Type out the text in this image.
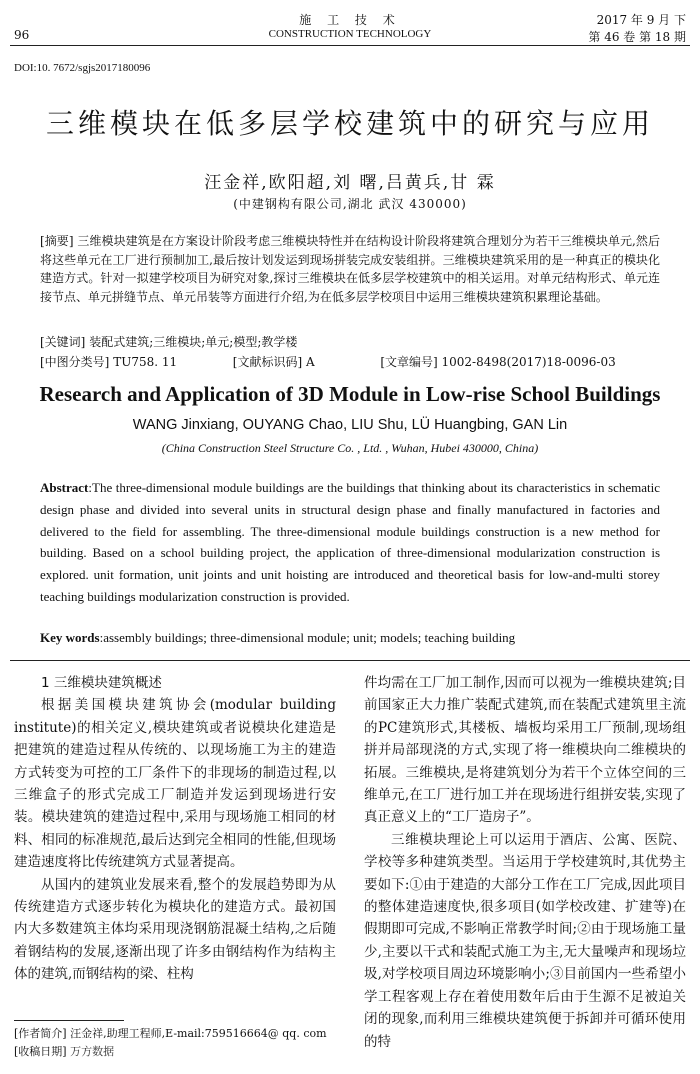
96
施 工 技 术
CONSTRUCTION TECHNOLOGY
2017 年 9 月 下
第 46 卷 第 18 期
DOI:10. 7672/sgjs2017180096
三维模块在低多层学校建筑中的研究与应用
汪金祥,欧阳超,刘 曙,吕黄兵,甘 霖
(中建钢构有限公司,湖北 武汉 430000)
[摘要] 三维模块建筑是在方案设计阶段考虑三维模块特性并在结构设计阶段将建筑合理划分为若干三维模块单元,然后将这些单元在工厂进行预制加工,最后按计划发运到现场拼装完成安装组拼。三维模块建筑采用的是一种真正的模块化建造方式。针对一拟建学校项目为研究对象,探讨三维模块在低多层学校建筑中的相关运用。对单元结构形式、单元连接节点、单元拼缝节点、单元吊装等方面进行介绍,为在低多层学校项目中运用三维模块建筑积累理论基础。
[关键词] 装配式建筑;三维模块;单元;模型;教学楼
[中图分类号] TU758. 11	[文献标识码] A	[文章编号] 1002-8498(2017)18-0096-03
Research and Application of 3D Module in Low-rise School Buildings
WANG Jinxiang, OUYANG Chao, LIU Shu, LÜ Huangbing, GAN Lin
(China Construction Steel Structure Co. , Ltd. , Wuhan, Hubei 430000, China)
Abstract:The three-dimensional module buildings are the buildings that thinking about its characteristics in schematic design phase and divided into several units in structural design phase and finally manufactured in factories and delivered to the field for assembling. The three-dimensional module buildings construction is a new method for building. Based on a school building project, the application of three-dimensional modularization construction is explored. unit formation, unit joints and unit hoisting are introduced and theoretical basis for low-and-multi storey teaching buildings modularization construction is provided.
Key words:assembly buildings; three-dimensional module; unit; models; teaching building

1 三维模块建筑概述

根据美国模块建筑协会(modular building institute)的相关定义,模块建筑或者说模块化建造是把建筑的建造过程从传统的、以现场施工为主的建造方式转变为可控的工厂条件下的非现场的制造过程,以三维盒子的形式完成工厂制造并发运到现场进行安装。模块建筑的建造过程中,采用与现场施工相同的材料、相同的标准规范,最后达到完全相同的性能,但现场建造速度将比传统建筑方式显著提高。

从国内的建筑业发展来看,整个的发展趋势即为从传统建造方式逐步转化为模块化的建造方式。最初国内大多数建筑主体均采用现浇钢筋混凝土结构,之后随着钢结构的发展,逐渐出现了许多由钢结构作为结构主体的建筑,而钢结构的梁、柱构

件均需在工厂加工制作,因而可以视为一维模块建筑;目前国家正大力推广装配式建筑,而在装配式建筑里主流的PC建筑形式,其楼板、墙板均采用工厂预制,现场组拼并局部现浇的方式,实现了将一维模块向二维模块的拓展。三维模块,是将建筑划分为若干个立体空间的三维单元,在工厂进行加工并在现场进行组拼安装,实现了真正意义上的“工厂造房子”。

三维模块理论上可以运用于酒店、公寓、医院、学校等多种建筑类型。当运用于学校建筑时,其优势主要如下:①由于建造的大部分工作在工厂完成,因此项目的整体建造速度快,很多项目(如学校改建、扩建等)在假期即可完成,不影响正常教学时间;②由于现场施工量少,主要以干式和装配式施工为主,无大量噪声和现场垃圾,对学校项目周边环境影响小;③目前国内一些希望小学工程客观上存在着使用数年后由于生源不足被迫关闭的现象,而利用三维模块建筑便于拆卸并可循环使用的特

[作者简介] 汪金祥,助理工程师,E-mail:759516664@ qq. com
[收稿日期] 万方数据
